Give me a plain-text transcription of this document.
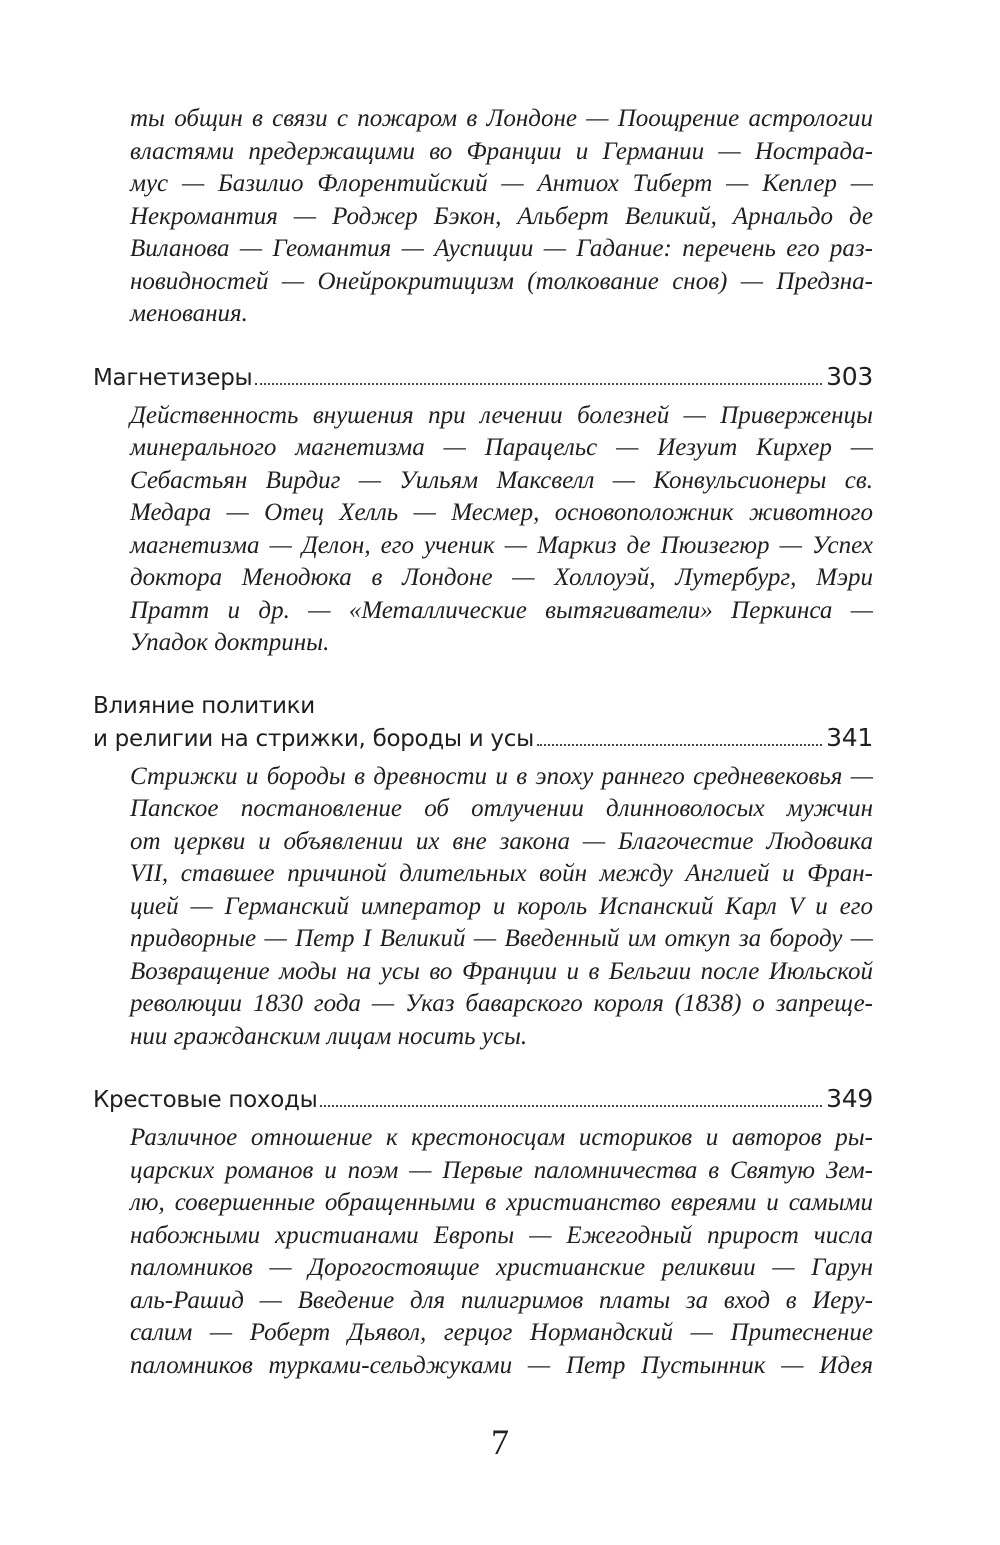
ты общин в связи с пожаром в Лондоне — Поощрение астрологии
властями предержащими во Франции и Германии — Нострада-
мус — Базилио Флорентийский — Антиох Тиберт — Кеплер —
Некромантия — Роджер Бэкон, Альберт Великий, Арнальдо де
Виланова — Геомантия — Ауспиции — Гадание: перечень его раз-
новидностей — Онейрокритицизм (толкование снов) — Предзна-
менования.
Магнетизеры	303
Действенность внушения при лечении болезней — Приверженцы
минерального магнетизма — Парацельс — Иезуит Кирхер —
Себастьян Вирдиг — Уильям Максвелл — Конвульсионеры св.
Медара — Отец Хелль — Месмер, основоположник животного
магнетизма — Делон, его ученик — Маркиз де Пюизегюр — Успех
доктора Менодюка в Лондоне — Холлоуэй, Лутербург, Мэри
Пратт и др. — «Металлические вытягиватели» Перкинса —
Упадок доктрины.
Влияние политики
и религии на стрижки, бороды и усы	341
Стрижки и бороды в древности и в эпоху раннего средневековья —
Папское постановление об отлучении длинноволосых мужчин
от церкви и объявлении их вне закона — Благочестие Людовика
VII, ставшее причиной длительных войн между Англией и Фран-
цией — Германский император и король Испанский Карл V и его
придворные — Петр I Великий — Введенный им откуп за бороду —
Возвращение моды на усы во Франции и в Бельгии после Июльской
революции 1830 года — Указ баварского короля (1838) о запреще-
нии гражданским лицам носить усы.
Крестовые походы	349
Различное отношение к крестоносцам историков и авторов ры-
царских романов и поэм — Первые паломничества в Святую Зем-
лю, совершенные обращенными в христианство евреями и самыми
набожными христианами Европы — Ежегодный прирост числа
паломников — Дорогостоящие христианские реликвии — Гарун
аль-Рашид — Введение для пилигримов платы за вход в Иеру-
салим — Роберт Дьявол, герцог Нормандский — Притеснение
паломников турками-сельджуками — Петр Пустынник — Идея
7
